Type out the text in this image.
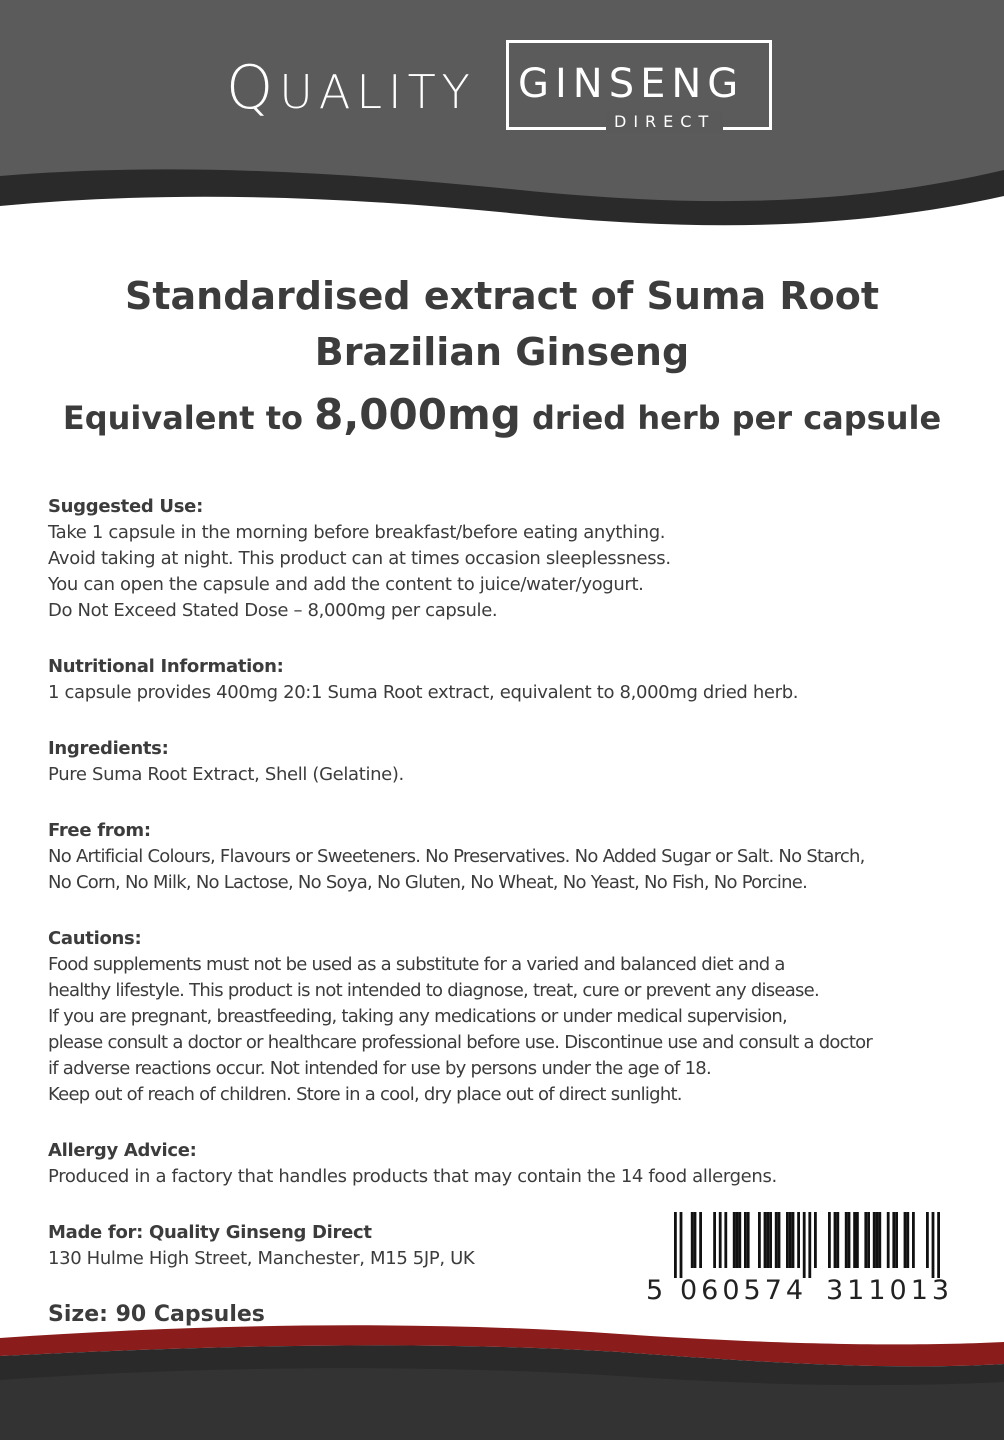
QUALITY GINSENG
DIRECT
Standardised extract of Suma Root
Brazilian Ginseng
Equivalent to 8,000mg dried herb per capsule
Suggested Use:
Take 1 capsule in the morning before breakfast/before eating anything.
Avoid taking at night. This product can at times occasion sleeplessness.
You can open the capsule and add the content to juice/water/yogurt.
Do Not Exceed Stated Dose – 8,000mg per capsule.
Nutritional Information:
1 capsule provides 400mg 20:1 Suma Root extract, equivalent to 8,000mg dried herb.
Ingredients:
Pure Suma Root Extract, Shell (Gelatine).
Free from:
No Artificial Colours, Flavours or Sweeteners. No Preservatives. No Added Sugar or Salt. No Starch,
No Corn, No Milk, No Lactose, No Soya, No Gluten, No Wheat, No Yeast, No Fish, No Porcine.
Cautions:
Food supplements must not be used as a substitute for a varied and balanced diet and a
healthy lifestyle. This product is not intended to diagnose, treat, cure or prevent any disease.
If you are pregnant, breastfeeding, taking any medications or under medical supervision,
please consult a doctor or healthcare professional before use. Discontinue use and consult a doctor
if adverse reactions occur. Not intended for use by persons under the age of 18.
Keep out of reach of children. Store in a cool, dry place out of direct sunlight.
Allergy Advice:
Produced in a factory that handles products that may contain the 14 food allergens.
Made for: Quality Ginseng Direct
130 Hulme High Street, Manchester, M15 5JP, UK
Size: 90 Capsules
5 060574 311013
